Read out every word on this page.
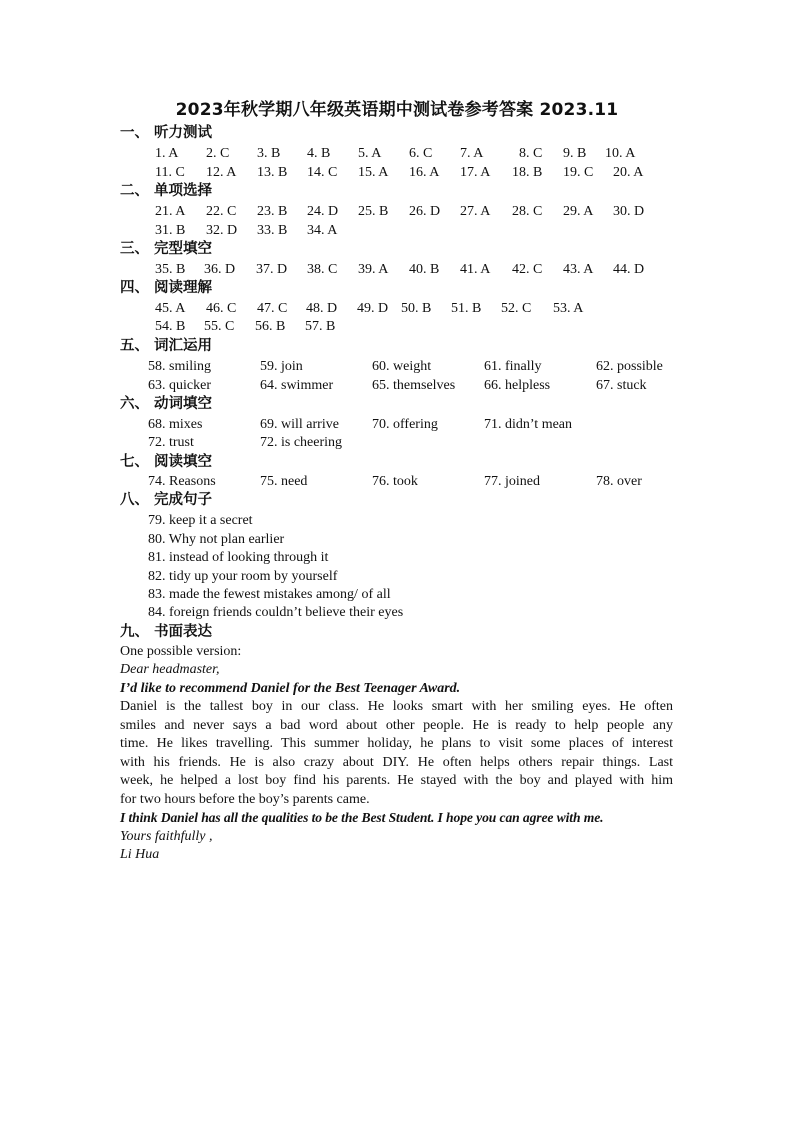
2023年秋学期八年级英语期中测试卷参考答案 2023.11
一、 听力测试
1. A 2. C 3. B 4. B 5. A 6. C 7. A	8. C 9. B 10. A
11. C 12. A 13. B 14. C 15. A 16. A 17. A 18. B 19. C 20. A
二、 单项选择
21. A 22. C 23. B 24. D 25. B 26. D 27. A 28. C 29. A 30. D
31. B 32. D 33. B 34. A
三、 完型填空
35. B 36. D 37. D 38. C 39. A 40. B 41. A 42. C 43. A 44. D
四、 阅读理解
45. A 46. C 47. C 48. D 49. D 50. B 51. B 52. C 53. A
54. B 55. C 56. B 57. B
五、 词汇运用
58. smiling	59. join	60. weight	61. finally	62. possible
63. quicker	64. swimmer	65. themselves 66. helpless	67. stuck
六、 动词填空
68. mixes	69. will arrive 70. offering	71. didn’t mean
72. trust	72. is cheering
七、 阅读填空
74. Reasons	75. need	76. took	77. joined	78. over
八、 完成句子
79. keep it a secret
80. Why not plan earlier
81. instead of looking through it
82. tidy up your room by yourself
83. made the fewest mistakes among/ of all
84. foreign friends couldn’t believe their eyes
九、 书面表达
One possible version:
Dear headmaster,
I’d like to recommend Daniel for the Best Teenager Award.
Daniel is the tallest boy in our class. He looks smart with her smiling eyes. He often
smiles and never says a bad word about other people. He is ready to help people any
time. He likes travelling. This summer holiday, he plans to visit some places of interest
with his friends. He is also crazy about DIY. He often helps others repair things. Last
week, he helped a lost boy find his parents. He stayed with the boy and played with him
for two hours before the boy’s parents came.
I think Daniel has all the qualities to be the Best Student. I hope you can agree with me.
Yours faithfully ,
Li Hua
